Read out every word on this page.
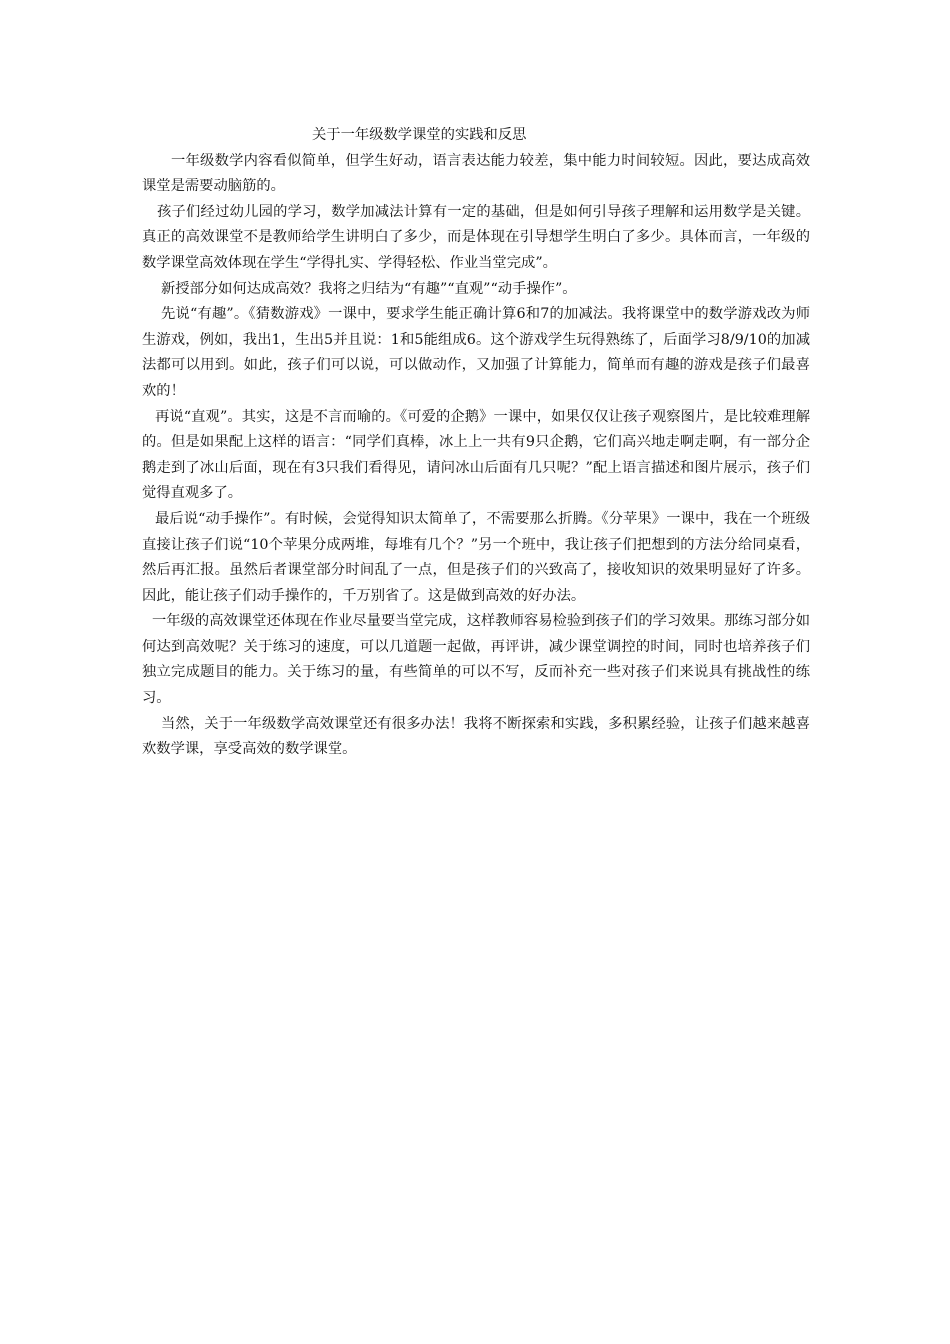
关于一年级数学课堂的实践和反思

一年级数学内容看似简单，但学生好动，语言表达能力较差，集中能力时间较短。因此，要达成高效课堂是需要动脑筋的。

孩子们经过幼儿园的学习，数学加减法计算有一定的基础，但是如何引导孩子理解和运用数学是关键。真正的高效课堂不是教师给学生讲明白了多少，而是体现在引导想学生明白了多少。具体而言，一年级的数学课堂高效体现在学生“学得扎实、学得轻松、作业当堂完成”。

新授部分如何达成高效？我将之归结为“有趣”“直观”“动手操作”。

先说“有趣”。《猜数游戏》一课中，要求学生能正确计算6和7的加减法。我将课堂中的数学游戏改为师生游戏，例如，我出1，生出5并且说：1和5能组成6。这个游戏学生玩得熟练了，后面学习8/9/10的加减法都可以用到。如此，孩子们可以说，可以做动作，又加强了计算能力，简单而有趣的游戏是孩子们最喜欢的！

再说“直观”。其实，这是不言而喻的。《可爱的企鹅》一课中，如果仅仅让孩子观察图片，是比较难理解的。但是如果配上这样的语言：“同学们真棒，冰上上一共有9只企鹅，它们高兴地走啊走啊，有一部分企鹅走到了冰山后面，现在有3只我们看得见，请问冰山后面有几只呢？”配上语言描述和图片展示，孩子们觉得直观多了。

最后说“动手操作”。有时候，会觉得知识太简单了，不需要那么折腾。《分苹果》一课中，我在一个班级直接让孩子们说“10个苹果分成两堆，每堆有几个？”另一个班中，我让孩子们把想到的方法分给同桌看，然后再汇报。虽然后者课堂部分时间乱了一点，但是孩子们的兴致高了，接收知识的效果明显好了许多。因此，能让孩子们动手操作的，千万别省了。这是做到高效的好办法。

一年级的高效课堂还体现在作业尽量要当堂完成，这样教师容易检验到孩子们的学习效果。那练习部分如何达到高效呢？关于练习的速度，可以几道题一起做，再评讲，减少课堂调控的时间，同时也培养孩子们独立完成题目的能力。关于练习的量，有些简单的可以不写，反而补充一些对孩子们来说具有挑战性的练习。

当然，关于一年级数学高效课堂还有很多办法！我将不断探索和实践，多积累经验，让孩子们越来越喜欢数学课，享受高效的数学课堂。
